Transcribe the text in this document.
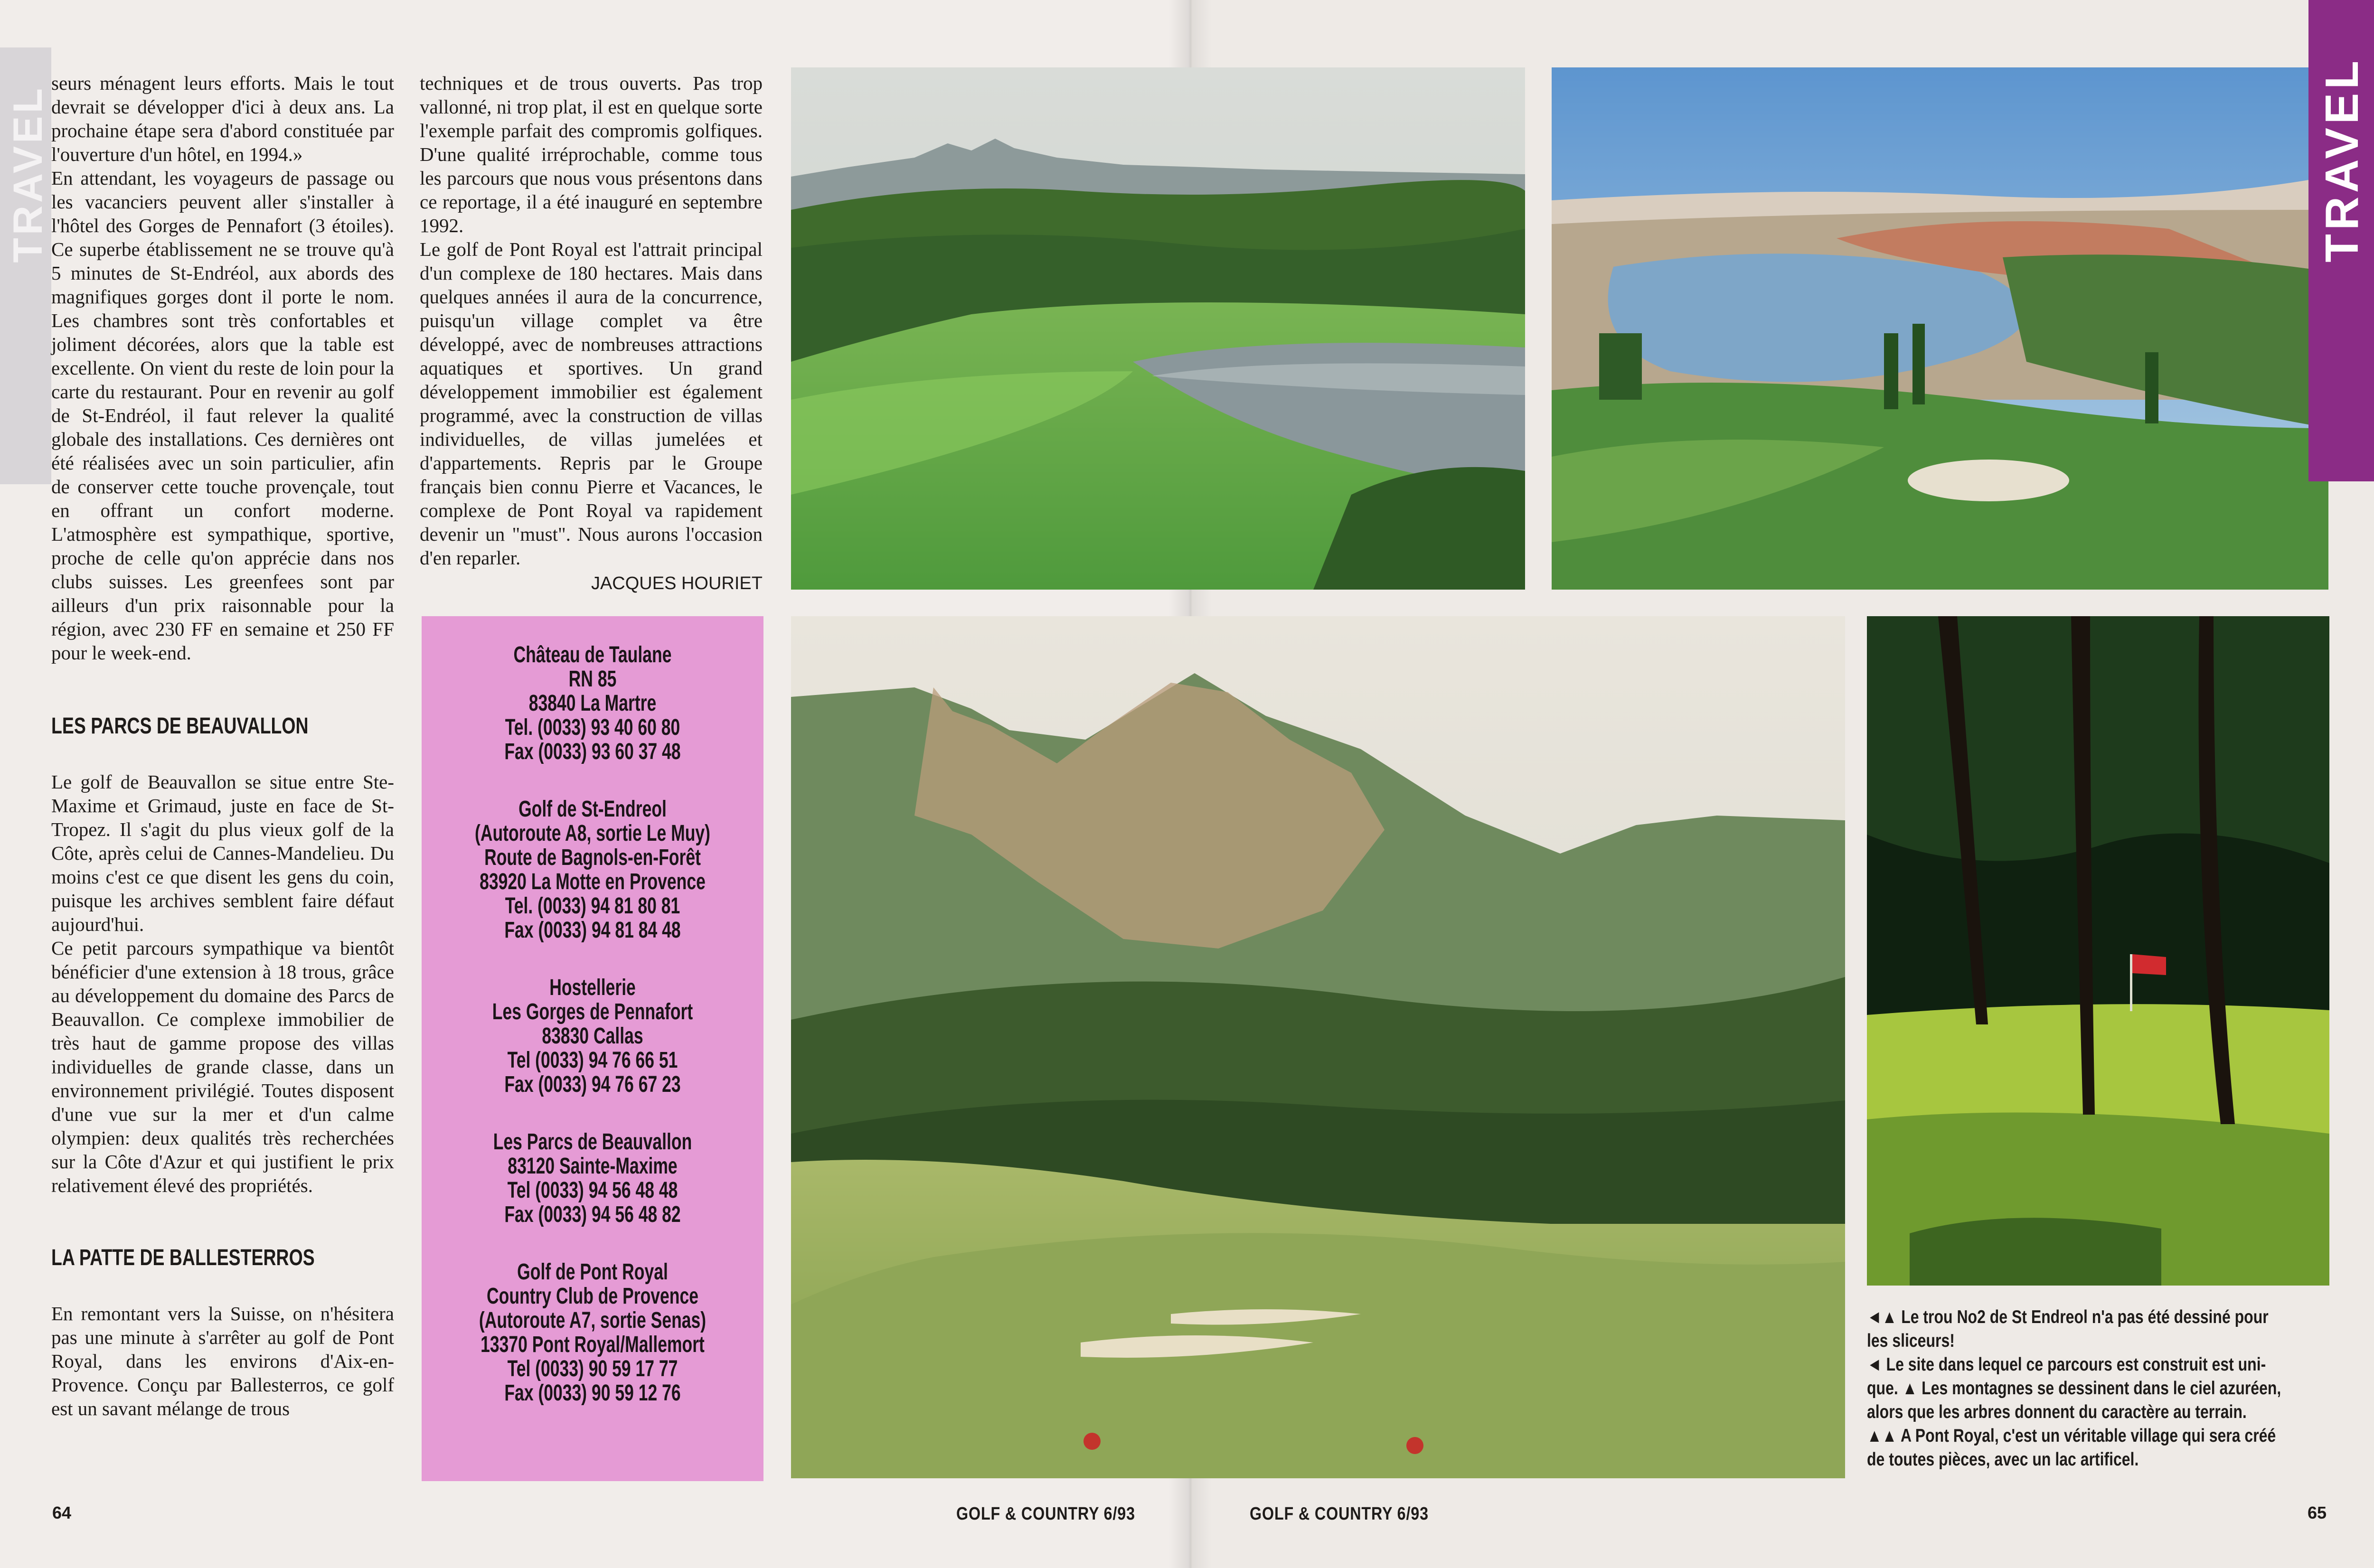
TRAVEL

seurs ménagent leurs efforts. Mais le tout devrait se développer d'ici à deux ans. La prochaine étape sera d'abord constituée par l'ouverture d'un hôtel, en 1994.»

En attendant, les voyageurs de passage ou les vacanciers peuvent aller s'installer à l'hôtel des Gorges de Pennafort (3 étoiles). Ce superbe établissement ne se trouve qu'à 5 minutes de St-Endréol, aux abords des magnifiques gorges dont il porte le nom. Les chambres sont très confortables et joliment décorées, alors que la table est excellente. On vient du reste de loin pour la carte du restaurant. Pour en revenir au golf de St-Endréol, il faut relever la qualité globale des installations. Ces dernières ont été réalisées avec un soin particulier, afin de conserver cette touche provençale, tout en offrant un confort moderne. L'atmosphère est sympathique, sportive, proche de celle qu'on apprécie dans nos clubs suisses. Les greenfees sont par ailleurs d'un prix raisonnable pour la région, avec 230 FF en semaine et 250 FF pour le week-end.

LES PARCS DE BEAUVALLON

Le golf de Beauvallon se situe entre Ste-Maxime et Grimaud, juste en face de St-Tropez. Il s'agit du plus vieux golf de la Côte, après celui de Cannes-Mandelieu. Du moins c'est ce que disent les gens du coin, puisque les archives semblent faire défaut aujourd'hui.

Ce petit parcours sympathique va bientôt bénéficier d'une extension à 18 trous, grâce au développement du domaine des Parcs de Beauvallon. Ce complexe immobilier de très haut de gamme propose des villas individuelles de grande classe, dans un environnement privilégié. Toutes disposent d'une vue sur la mer et d'un calme olympien: deux qualités très recherchées sur la Côte d'Azur et qui justifient le prix relativement élevé des propriétés.

LA PATTE DE BALLESTERROS

En remontant vers la Suisse, on n'hésitera pas une minute à s'arrêter au golf de Pont Royal, dans les environs d'Aix-en-Provence. Conçu par Ballesterros, ce golf est un savant mélange de trous

techniques et de trous ouverts. Pas trop vallonné, ni trop plat, il est en quelque sorte l'exemple parfait des compromis golfiques. D'une qualité irréprochable, comme tous les parcours que nous vous présentons dans ce reportage, il a été inauguré en septembre 1992.

Le golf de Pont Royal est l'attrait principal d'un complexe de 180 hectares. Mais dans quelques années il aura de la concurrence, puisqu'un village complet va être développé, avec de nombreuses attractions aquatiques et sportives. Un grand développement immobilier est également programmé, avec la construction de villas individuelles, de villas jumelées et d'appartements. Repris par le Groupe français bien connu Pierre et Vacances, le complexe de Pont Royal va rapidement devenir un "must". Nous aurons l'occasion d'en reparler.

JACQUES HOURIET
Château de Taulane
RN 85
83840 La Martre
Tel. (0033) 93 40 60 80
Fax (0033) 93 60 37 48
Golf de St-Endreol
(Autoroute A8, sortie Le Muy)
Route de Bagnols-en-Forêt
83920 La Motte en Provence
Tel. (0033) 94 81 80 81
Fax (0033) 94 81 84 48
Hostellerie
Les Gorges de Pennafort
83830 Callas
Tel (0033) 94 76 66 51
Fax (0033) 94 76 67 23
Les Parcs de Beauvallon
83120 Sainte-Maxime
Tel (0033) 94 56 48 48
Fax (0033) 94 56 48 82
Golf de Pont Royal
Country Club de Provence
(Autoroute A7, sortie Senas)
13370 Pont Royal/Mallemort
Tel (0033) 90 59 17 77
Fax (0033) 90 59 12 76
TRAVEL
◄▲ Le trou No2 de St Endreol n'a pas été dessiné pour
les sliceurs!
◄ Le site dans lequel ce parcours est construit est uni-
que. ▲ Les montagnes se dessinent dans le ciel azuréen,
alors que les arbres donnent du caractère au terrain.
▲▲ A Pont Royal, c'est un véritable village qui sera créé
de toutes pièces, avec un lac artificel.
64	GOLF & COUNTRY 6/93	GOLF & COUNTRY 6/93	65
